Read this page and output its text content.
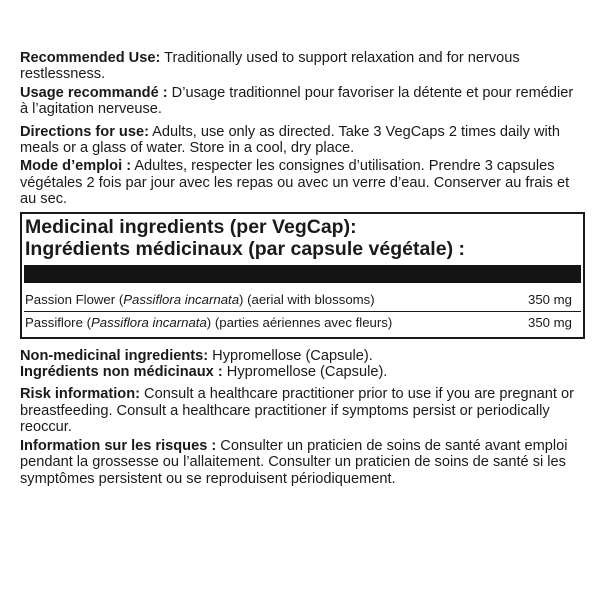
Recommended Use: Traditionally used to support relaxation and for nervous restlessness.

Usage recommandé : D’usage traditionnel pour favoriser la détente et pour remédier à l’agitation nerveuse.

Directions for use: Adults, use only as directed. Take 3 VegCaps 2 times daily with meals or a glass of water. Store in a cool, dry place.

Mode d’emploi : Adultes, respecter les consignes d’utilisation. Prendre 3 capsules végétales 2 fois par jour avec les repas ou avec un verre d’eau. Conserver au frais et au sec.

Medicinal ingredients (per VegCap):
Ingrédients médicinaux (par capsule végétale) :
Passion Flower (Passiflora incarnata) (aerial with blossoms)	350 mg
Passiflore (Passiflora incarnata) (parties aériennes avec fleurs)	350 mg

Non-medicinal ingredients: Hypromellose (Capsule).

Ingrédients non médicinaux : Hypromellose (Capsule).

Risk information: Consult a healthcare practitioner prior to use if you are pregnant or breastfeeding. Consult a healthcare practitioner if symptoms persist or periodically reoccur.

Information sur les risques : Consulter un praticien de soins de santé avant emploi pendant la grossesse ou l’allaitement. Consulter un praticien de soins de santé si les symptômes persistent ou se reproduisent périodiquement.
